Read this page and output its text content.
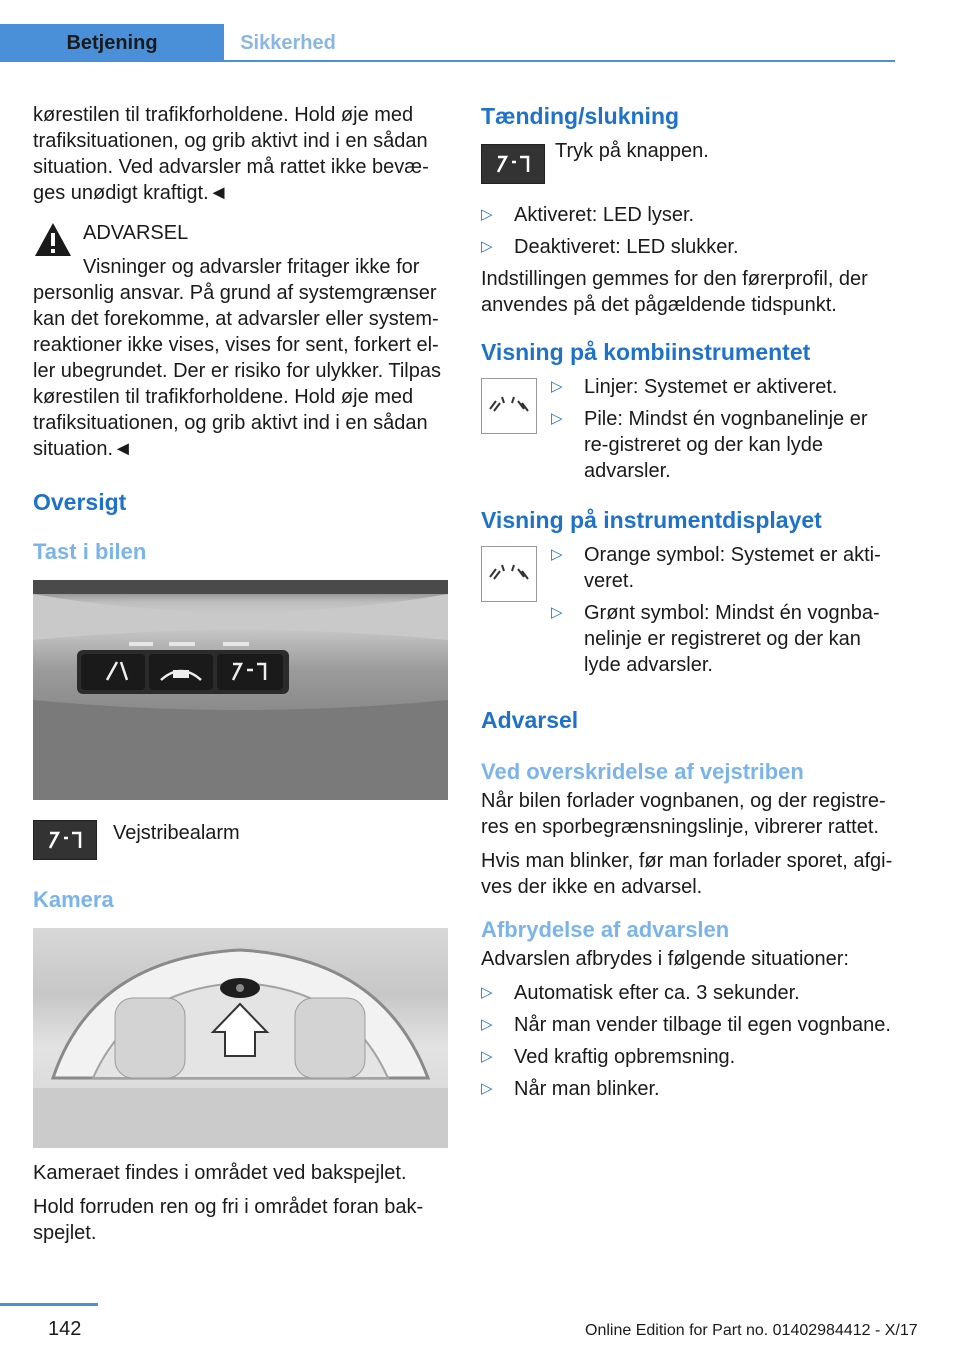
Betjening	Sikkerhed

kørestilen til trafikforholdene. Hold øje med trafiksituationen, og grib aktivt ind i en sådan situation. Ved advarsler må rattet ikke bevæ-ges unødigt kraftigt.◄

ADVARSEL

Visninger og advarsler fritager ikke for personlig ansvar. På grund af systemgrænser kan det forekomme, at advarsler eller system-reaktioner ikke vises, vises for sent, forkert el-ler ubegrundet. Der er risiko for ulykker. Tilpas kørestilen til trafikforholdene. Hold øje med trafiksituationen, og grib aktivt ind i en sådan situation.◄

Oversigt
Tast i bilen

Vejstribealarm

Kamera

Kameraet findes i området ved bakspejlet.

Hold forruden ren og fri i området foran bak-spejlet.

Tænding/slukning

Tryk på knappen.

▷ Aktiveret: LED lyser.
▷ Deaktiveret: LED slukker.

Indstillingen gemmes for den førerprofil, der anvendes på det pågældende tidspunkt.

Visning på kombiinstrumentet
▷ Linjer: Systemet er aktiveret.
▷ Pile: Mindst én vognbanelinje er re-gistreret og der kan lyde advarsler.
Visning på instrumentdisplayet
▷ Orange symbol: Systemet er akti-veret.
▷ Grønt symbol: Mindst én vognba-nelinje er registreret og der kan lyde advarsler.
Advarsel
Ved overskridelse af vejstriben

Når bilen forlader vognbanen, og der registre-res en sporbegrænsningslinje, vibrerer rattet.

Hvis man blinker, før man forlader sporet, afgi-ves der ikke en advarsel.

Afbrydelse af advarslen

Advarslen afbrydes i følgende situationer:

▷ Automatisk efter ca. 3 sekunder.
▷ Når man vender tilbage til egen vognbane.
▷ Ved kraftig opbremsning.
▷ Når man blinker.
142	Online Edition for Part no. 01402984412 - X/17
